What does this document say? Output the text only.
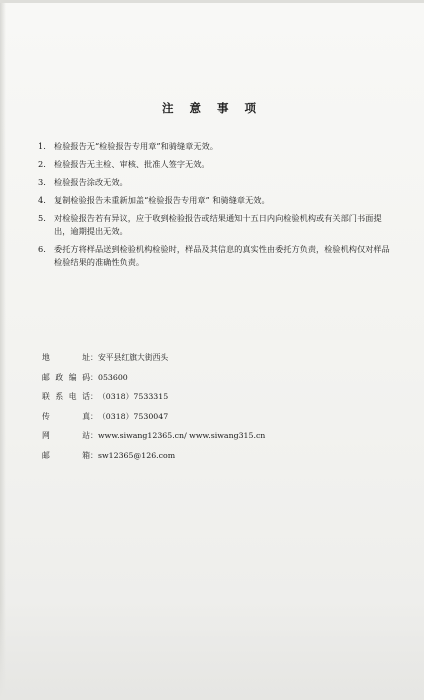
注 意 事 项
1. 检验报告无“检验报告专用章”和骑缝章无效。
2. 检验报告无主检、审核、批准人签字无效。
3. 检验报告涂改无效。
4. 复制检验报告未重新加盖“检验报告专用章” 和骑缝章无效。
5. 对检验报告若有异议，应于收到检验报告或结果通知十五日内向检验机构或有关部门书面提出，逾期提出无效。
6. 委托方将样品送到检验机构检验时，样品及其信息的真实性由委托方负责，检验机构仅对样品检验结果的准确性负责。
地 址 ： 安平县红旗大街西头
邮政编码 ： 053600
联系电话 ： （0318）7533315
传 真 ： （0318）7530047
网 站 ： www.siwang12365.cn/ www.siwang315.cn
邮 箱 ： sw12365@126.com
